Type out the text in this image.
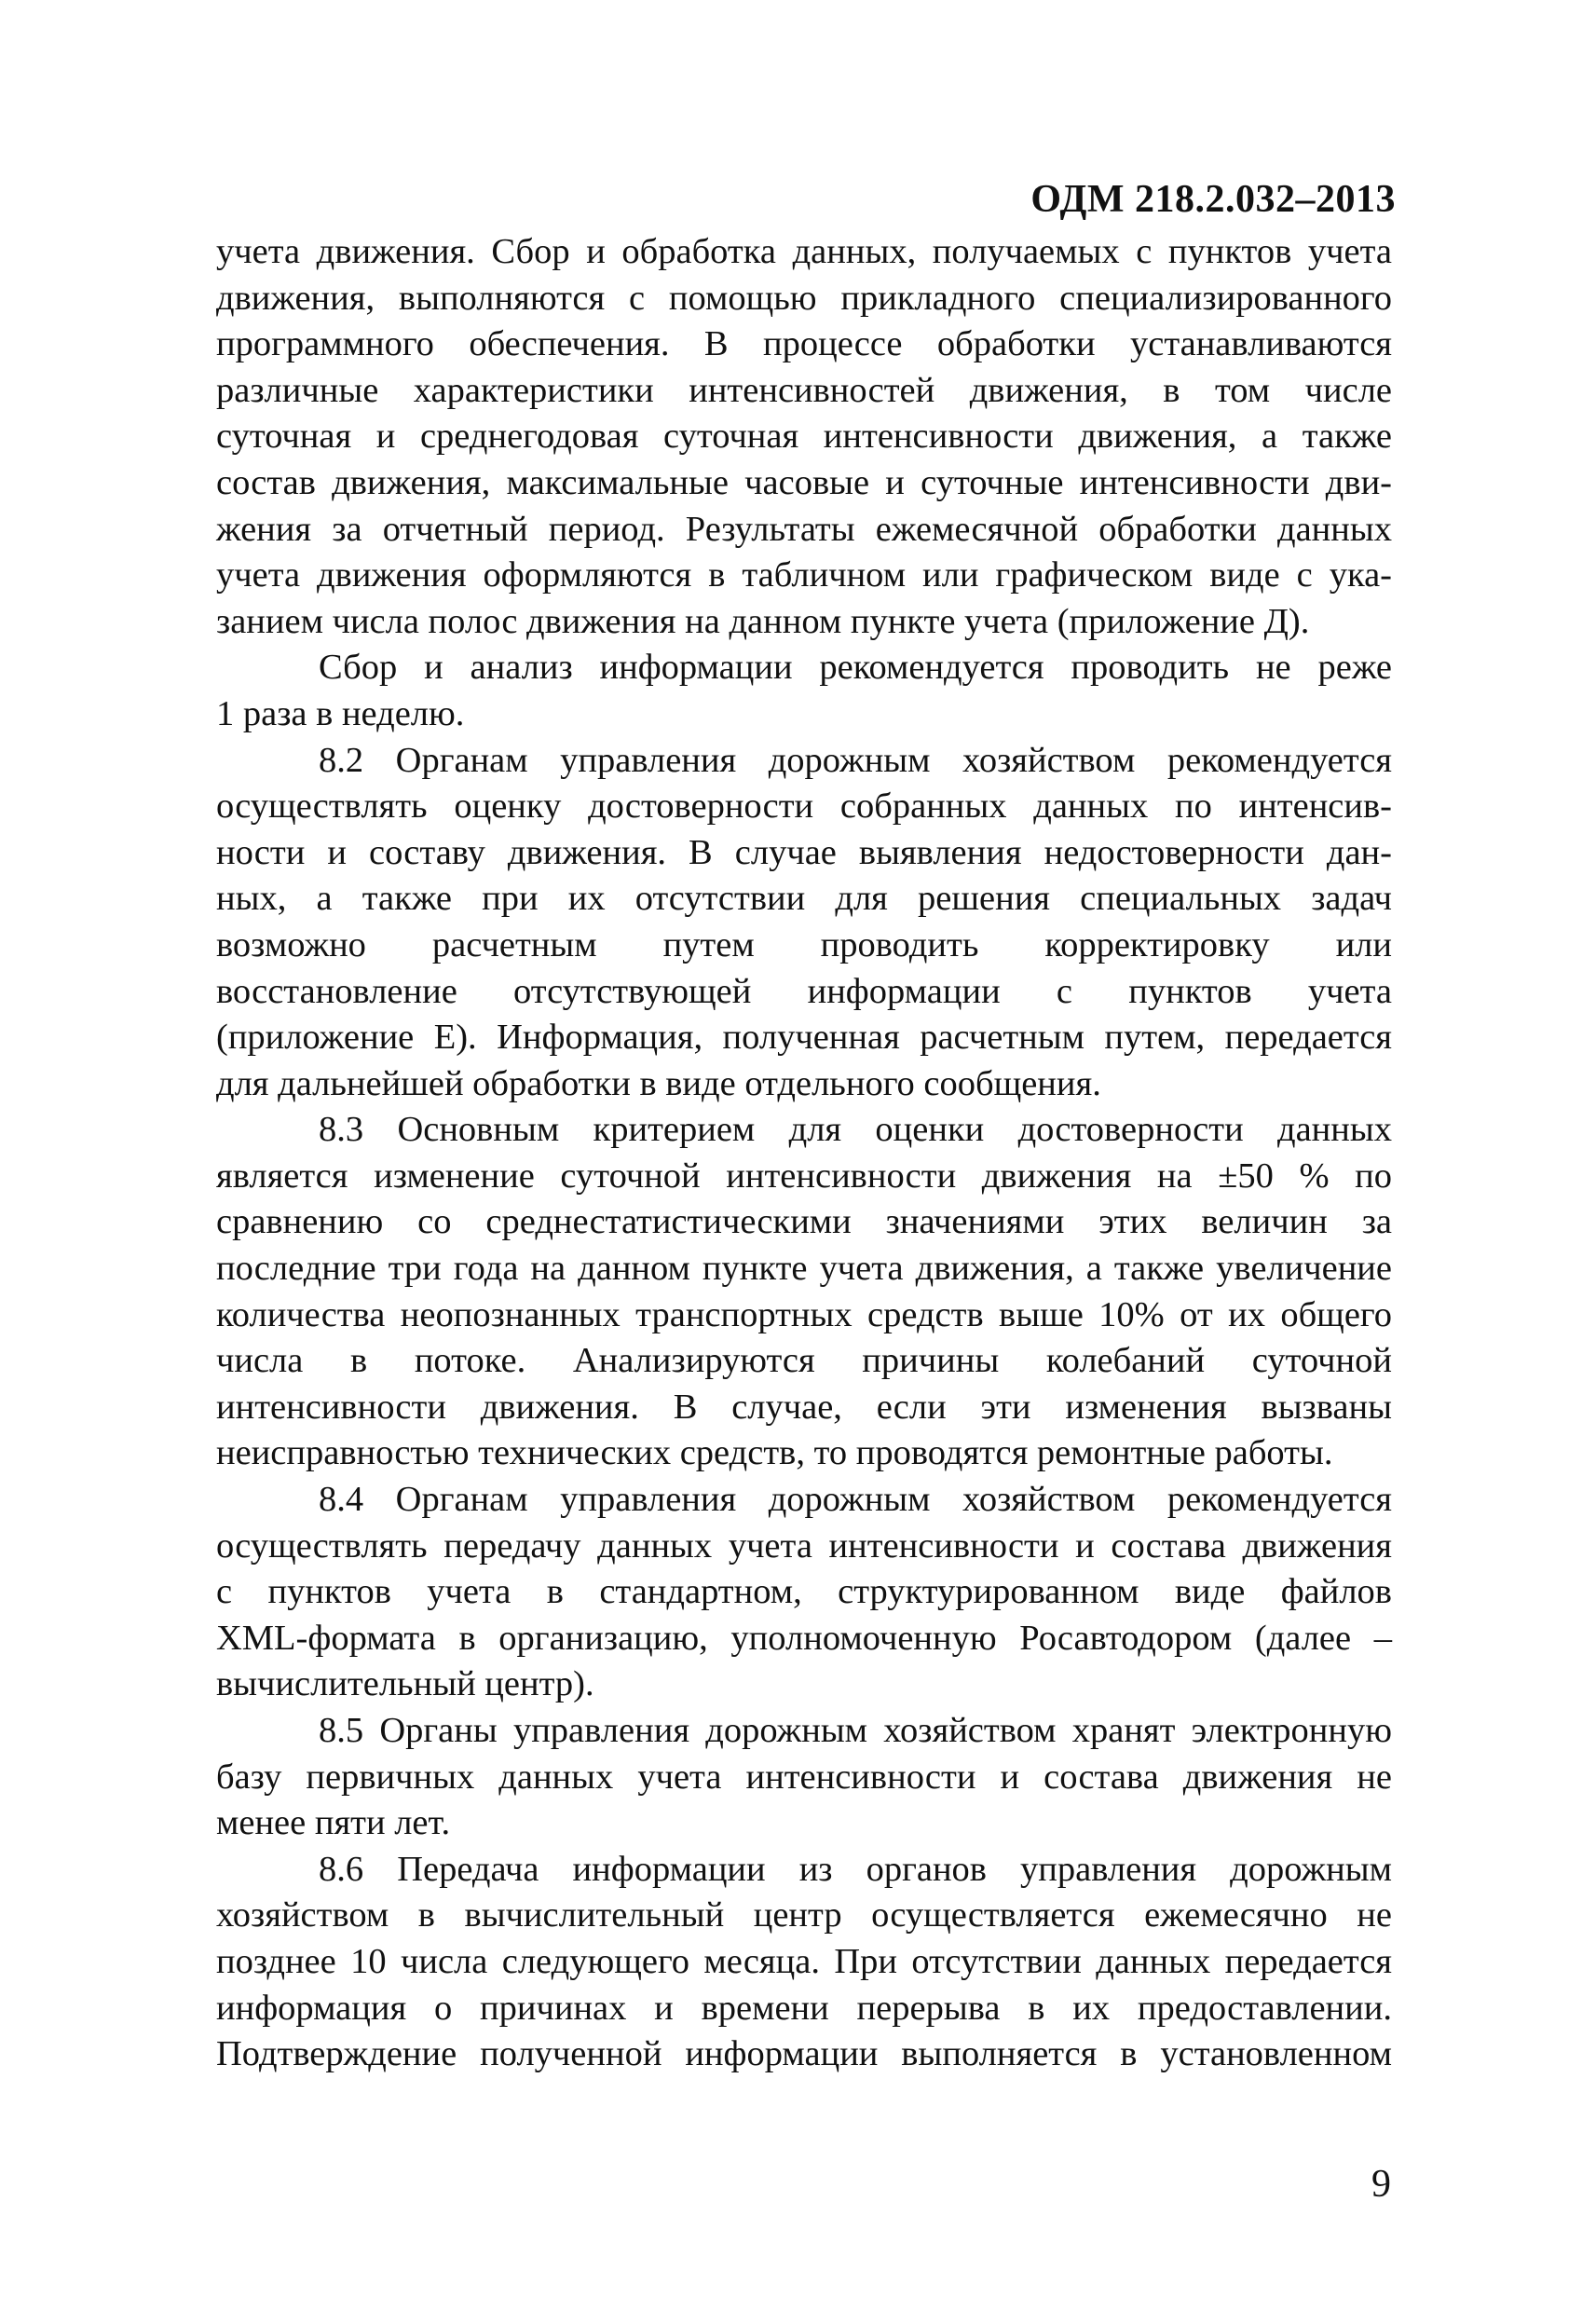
ОДМ 218.2.032–2013
учета движения. Сбор и обработка данных, получаемых с пунктов учета
движения, выполняются с помощью прикладного специализированного
программного обеспечения. В процессе обработки устанавливаются
различные характеристики интенсивностей движения, в том числе
суточная и среднегодовая суточная интенсивности движения, а также
состав движения, максимальные часовые и суточные интенсивности дви-
жения за отчетный период. Результаты ежемесячной обработки данных
учета движения оформляются в табличном или графическом виде с ука-
занием числа полос движения на данном пункте учета (приложение Д).
Сбор и анализ информации рекомендуется проводить не реже
1 раза в неделю.
8.2 Органам управления дорожным хозяйством рекомендуется
осуществлять оценку достоверности собранных данных по интенсив-
ности и составу движения. В случае выявления недостоверности дан-
ных, а также при их отсутствии для решения специальных задач
возможно расчетным путем проводить корректировку или
восстановление отсутствующей информации с пунктов учета
(приложение Е). Информация, полученная расчетным путем, передается
для дальнейшей обработки в виде отдельного сообщения.
8.3 Основным критерием для оценки достоверности данных
является изменение суточной интенсивности движения на ±50 % по
сравнению со среднестатистическими значениями этих величин за
последние три года на данном пункте учета движения, а также увеличение
количества неопознанных транспортных средств выше 10% от их общего
числа в потоке. Анализируются причины колебаний суточной
интенсивности движения. В случае, если эти изменения вызваны
неисправностью технических средств, то проводятся ремонтные работы.
8.4 Органам управления дорожным хозяйством рекомендуется
осуществлять передачу данных учета интенсивности и состава движения
с пунктов учета в стандартном, структурированном виде файлов
XML-формата в организацию, уполномоченную Росавтодором (далее –
вычислительный центр).
8.5 Органы управления дорожным хозяйством хранят электронную
базу первичных данных учета интенсивности и состава движения не
менее пяти лет.
8.6 Передача информации из органов управления дорожным
хозяйством в вычислительный центр осуществляется ежемесячно не
позднее 10 числа следующего месяца. При отсутствии данных передается
информация о причинах и времени перерыва в их предоставлении.
Подтверждение полученной информации выполняется в установленном
9
